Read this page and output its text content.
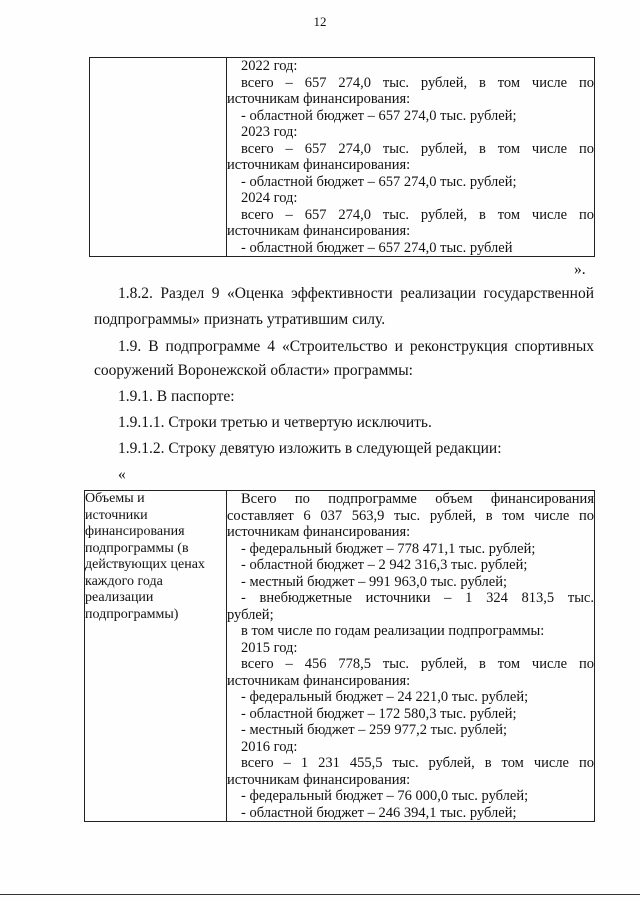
12

2022 год:
всего – 657 274,0 тыс. рублей, в том числе по
источникам финансирования:
- областной бюджет – 657 274,0 тыс. рублей;
2023 год:
всего – 657 274,0 тыс. рублей, в том числе по
источникам финансирования:
- областной бюджет – 657 274,0 тыс. рублей;
2024 год:
всего – 657 274,0 тыс. рублей, в том числе по
источникам финансирования:
- областной бюджет – 657 274,0 тыс. рублей
».
1.8.2. Раздел 9 «Оценка эффективности реализации государственной
подпрограммы» признать утратившим силу.
1.9. В подпрограмме 4 «Строительство и реконструкция спортивных
сооружений Воронежской области» программы:
1.9.1. В паспорте:
1.9.1.1. Строки третью и четвертую исключить.
1.9.1.2. Строку девятую изложить в следующей редакции:
«
Объемы и
источники
финансирования
подпрограммы (в
действующих ценах
каждого года
реализации
подпрограммы)

Всего по подпрограмме объем финансирования
составляет 6 037 563,9 тыс. рублей, в том числе по
источникам финансирования:
- федеральный бюджет – 778 471,1 тыс. рублей;
- областной бюджет – 2 942 316,3 тыс. рублей;
- местный бюджет – 991 963,0 тыс. рублей;
- внебюджетные источники – 1 324 813,5 тыс.
рублей;
в том числе по годам реализации подпрограммы:
2015 год:
всего – 456 778,5 тыс. рублей, в том числе по
источникам финансирования:
- федеральный бюджет – 24 221,0 тыс. рублей;
- областной бюджет – 172 580,3 тыс. рублей;
- местный бюджет – 259 977,2 тыс. рублей;
2016 год:
всего – 1 231 455,5 тыс. рублей, в том числе по
источникам финансирования:
- федеральный бюджет – 76 000,0 тыс. рублей;
- областной бюджет – 246 394,1 тыс. рублей;
